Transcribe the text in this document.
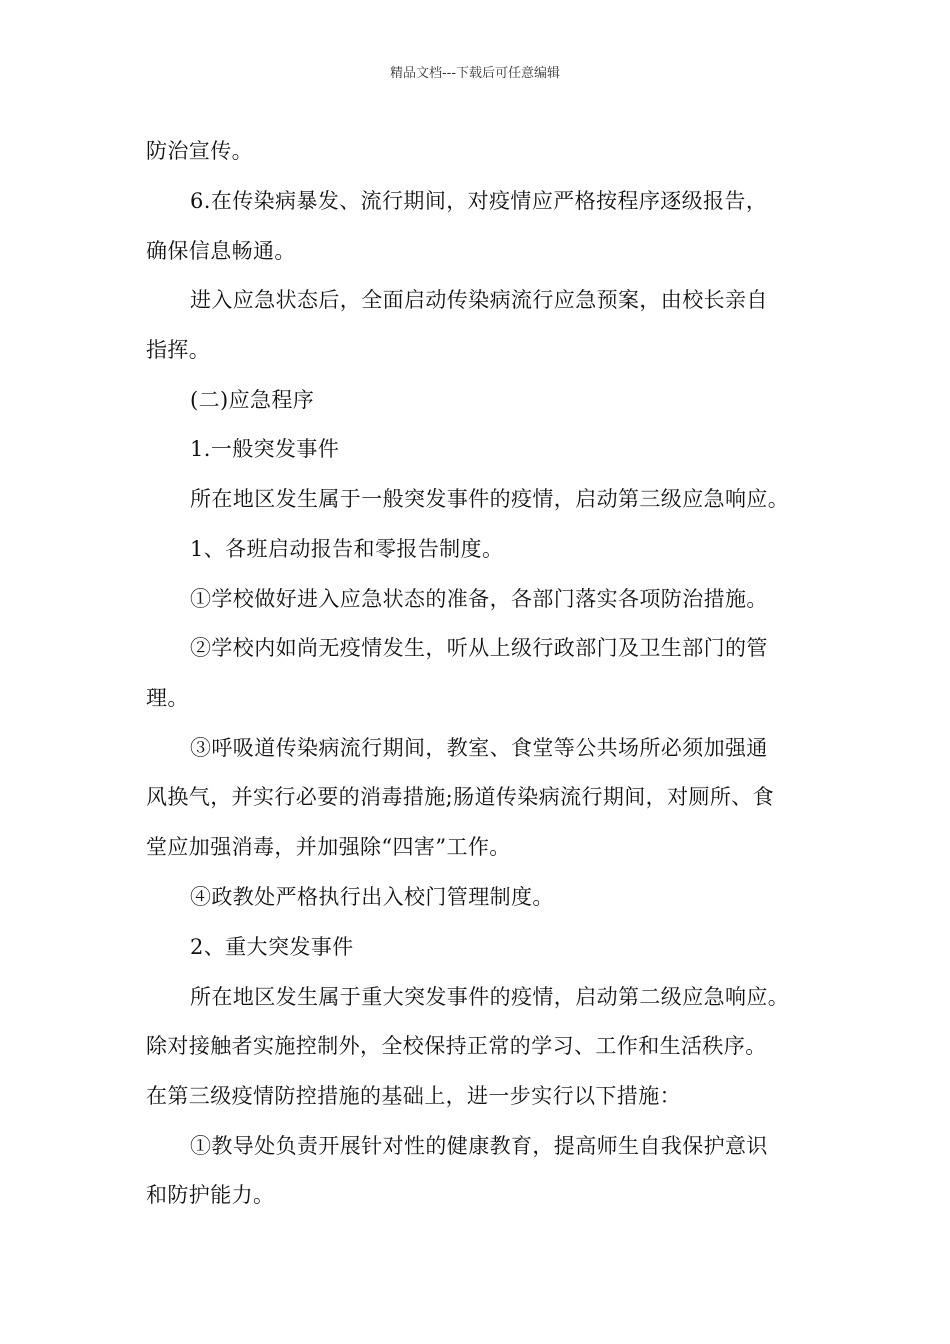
精品文档---下载后可任意编辑
防治宣传。
6.在传染病暴发、流行期间，对疫情应严格按程序逐级报告，
确保信息畅通。
进入应急状态后，全面启动传染病流行应急预案，由校长亲自
指挥。
(二)应急程序
1.一般突发事件
所在地区发生属于一般突发事件的疫情，启动第三级应急响应。
1、各班启动报告和零报告制度。
①学校做好进入应急状态的准备，各部门落实各项防治措施。
②学校内如尚无疫情发生，听从上级行政部门及卫生部门的管
理。
③呼吸道传染病流行期间，教室、食堂等公共场所必须加强通
风换气，并实行必要的消毒措施;肠道传染病流行期间，对厕所、食
堂应加强消毒，并加强除“四害”工作。
④政教处严格执行出入校门管理制度。
2、重大突发事件
所在地区发生属于重大突发事件的疫情，启动第二级应急响应。
除对接触者实施控制外，全校保持正常的学习、工作和生活秩序。
在第三级疫情防控措施的基础上，进一步实行以下措施：
①教导处负责开展针对性的健康教育，提高师生自我保护意识
和防护能力。
